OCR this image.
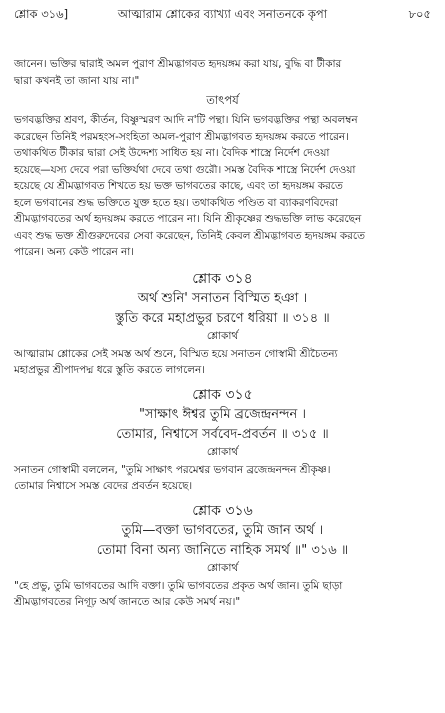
শ্লোক ৩১৬]	আত্মারাম শ্লোকের ব্যাখ্যা এবং সনাতনকে কৃপা	৮০৫

জানেন। ভক্তির দ্বারাই অমল পুরাণ শ্রীমদ্ভাগবত হৃদয়ঙ্গম করা যায়, বুদ্ধি বা টীকার

দ্বারা কখনই তা জানা যায় না।"

তাৎপর্য

ভগবদ্ভক্তির শ্রবণ, কীর্তন, বিষ্ণুস্মরণ আদি ন'টি পন্থা। যিনি ভগবদ্ভক্তির পন্থা অবলম্বন

করেছেন তিনিই পরমহংস-সংহিতা অমল-পুরাণ শ্রীমদ্ভাগবত হৃদয়ঙ্গম করতে পারেন।

তথাকথিত টীকার দ্বারা সেই উদ্দেশ্য সাধিত হয় না। বৈদিক শাস্ত্রে নির্দেশ দেওয়া

হয়েছে—যস্য দেবে পরা ভক্তির্যথা দেবে তথা গুরৌ। সমস্ত বৈদিক শাস্ত্রে নির্দেশ দেওয়া

হয়েছে যে শ্রীমদ্ভাগবত শিখতে হয় ভক্ত ভাগবতের কাছে, এবং তা হৃদয়ঙ্গম করতে

হলে ভগবানের শুদ্ধ ভক্তিতে যুক্ত হতে হয়। তথাকথিত পণ্ডিত বা ব্যাকরণবিদেরা

শ্রীমদ্ভাগবতের অর্থ হৃদয়ঙ্গম করতে পারেন না। যিনি শ্রীকৃষ্ণের শুদ্ধভক্তি লাভ করেছেন

এবং শুদ্ধ ভক্ত শ্রীগুরুদেবের সেবা করেছেন, তিনিই কেবল শ্রীমদ্ভাগবত হৃদয়ঙ্গম করতে

পারেন। অন্য কেউ পারেন না।

শ্লোক ৩১৪
অর্থ শুনি' সনাতন বিস্মিত হঞা ।
স্তুতি করে মহাপ্রভুর চরণে ধরিয়া ॥ ৩১৪ ॥
শ্লোকার্থ

আত্মারাম শ্লোকের সেই সমস্ত অর্থ শুনে, বিস্মিত হয়ে সনাতন গোস্বামী শ্রীচৈতন্য

মহাপ্রভুর শ্রীপাদপদ্ম ধরে স্তুতি করতে লাগলেন।

শ্লোক ৩১৫
"সাক্ষাৎ ঈশ্বর তুমি ব্রজেন্দ্রনন্দন ।
তোমার, নিশ্বাসে সর্ববেদ-প্রবর্তন ॥ ৩১৫ ॥
শ্লোকার্থ

সনাতন গোস্বামী বললেন, "তুমি সাক্ষাৎ পরমেশ্বর ভগবান ব্রজেন্দ্রনন্দন শ্রীকৃষ্ণ।

তোমার নিশ্বাসে সমস্ত বেদের প্রবর্তন হয়েছে।

শ্লোক ৩১৬
তুমি—বক্তা ভাগবতের, তুমি জান অর্থ ।
তোমা বিনা অন্য জানিতে নাহিক সমর্থ ॥" ৩১৬ ॥
শ্লোকার্থ

"হে প্রভু, তুমি ভাগবতের আদি বক্তা। তুমি ভাগবতের প্রকৃত অর্থ জান। তুমি ছাড়া

শ্রীমদ্ভাগবতের নিগূঢ় অর্থ জানতে আর কেউ সমর্থ নয়।"
